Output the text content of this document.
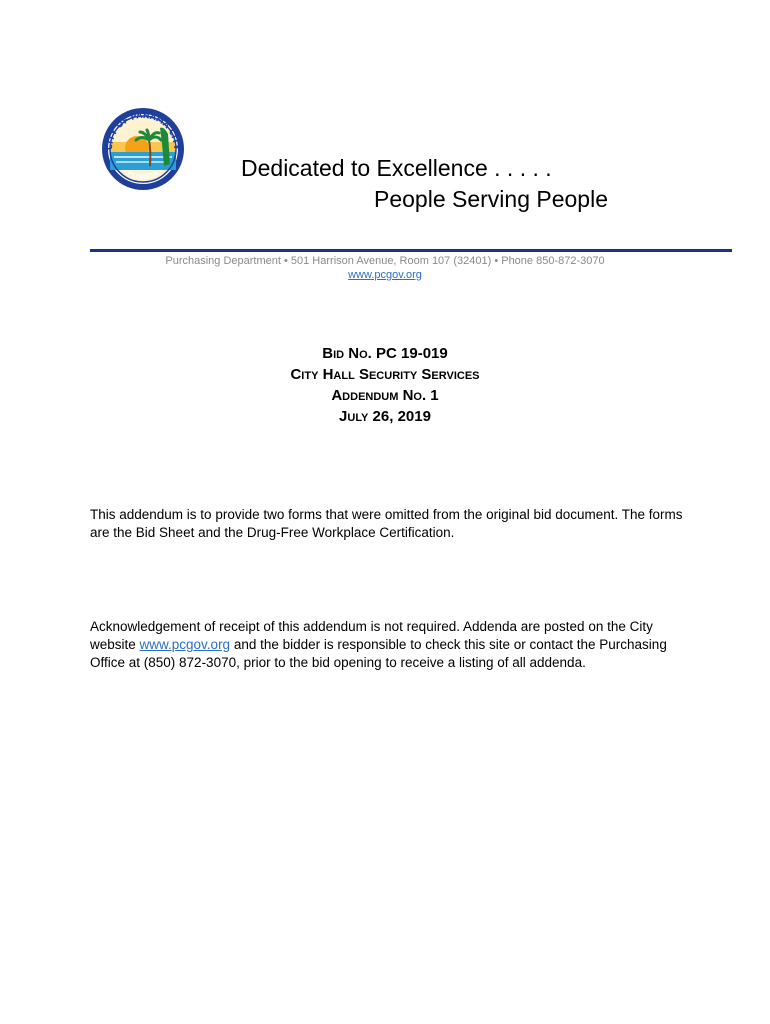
CITY OF PANAMA CITY
FLORIDA	Dedicated to Excellence . . . . .
People Serving People
Purchasing Department • 501 Harrison Avenue, Room 107 (32401) • Phone 850-872-3070
www.pcgov.org
Bid No. PC 19-019
City Hall Security Services
Addendum No. 1
July 26, 2019
This addendum is to provide two forms that were omitted from the original bid document. The forms are the Bid Sheet and the Drug-Free Workplace Certification.
Acknowledgement of receipt of this addendum is not required. Addenda are posted on the City website www.pcgov.org and the bidder is responsible to check this site or contact the Purchasing Office at (850) 872-3070, prior to the bid opening to receive a listing of all addenda.
